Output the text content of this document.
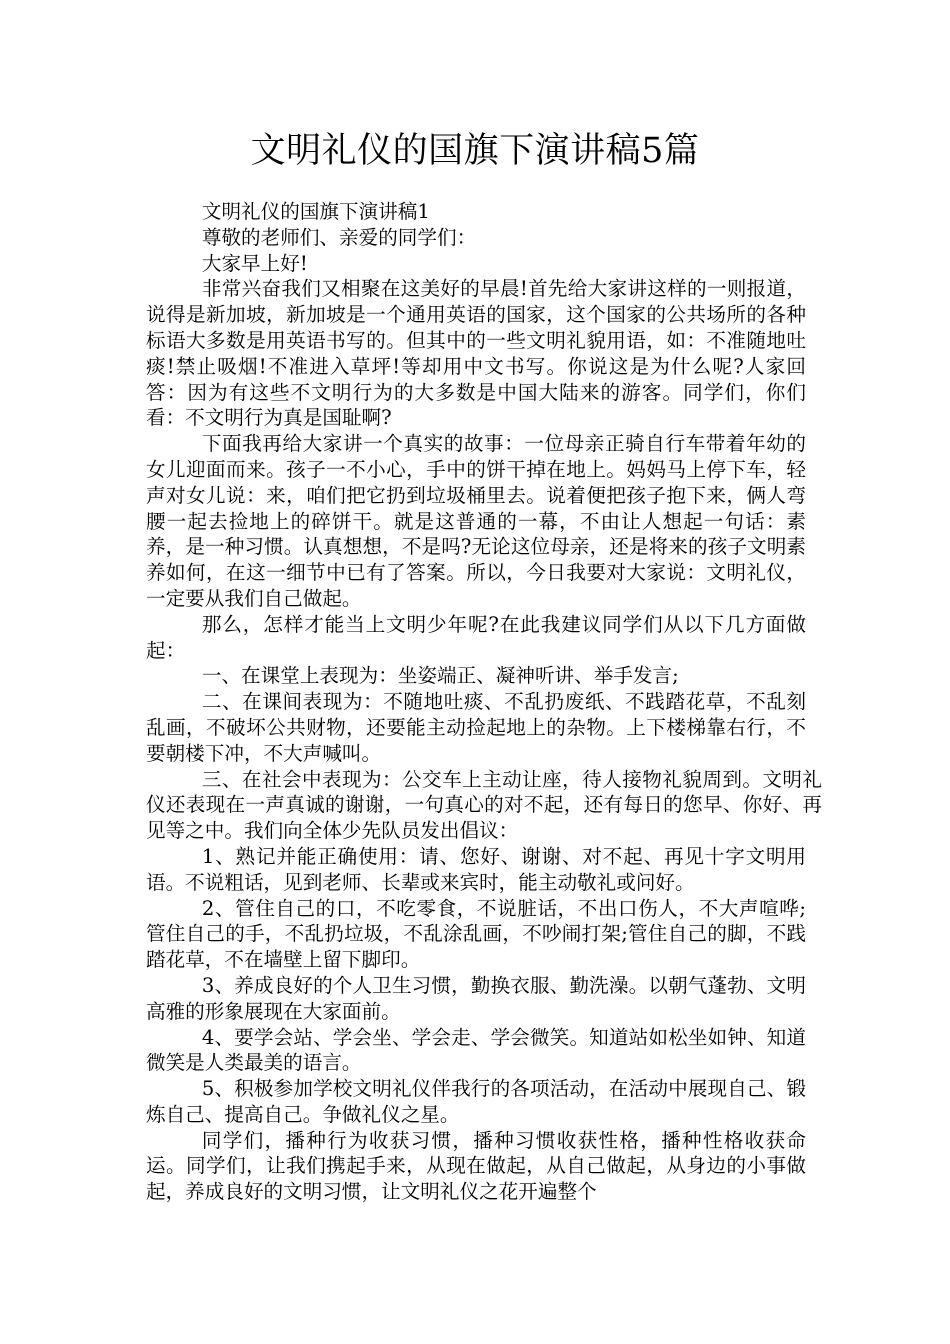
文明礼仪的国旗下演讲稿5篇

文明礼仪的国旗下演讲稿1

尊敬的老师们、亲爱的同学们：

大家早上好!

非常兴奋我们又相聚在这美好的早晨!首先给大家讲这样的一则报道，说得是新加坡，新加坡是一个通用英语的国家，这个国家的公共场所的各种标语大多数是用英语书写的。但其中的一些文明礼貌用语，如：不准随地吐痰!禁止吸烟!不准进入草坪!等却用中文书写。你说这是为什么呢?人家回答：因为有这些不文明行为的大多数是中国大陆来的游客。同学们，你们看：不文明行为真是国耻啊?

下面我再给大家讲一个真实的故事：一位母亲正骑自行车带着年幼的女儿迎面而来。孩子一不小心，手中的饼干掉在地上。妈妈马上停下车，轻声对女儿说：来，咱们把它扔到垃圾桶里去。说着便把孩子抱下来，俩人弯腰一起去捡地上的碎饼干。就是这普通的一幕，不由让人想起一句话：素养，是一种习惯。认真想想，不是吗?无论这位母亲，还是将来的孩子文明素养如何，在这一细节中已有了答案。所以，今日我要对大家说：文明礼仪，一定要从我们自己做起。

那么，怎样才能当上文明少年呢?在此我建议同学们从以下几方面做起：

一、在课堂上表现为：坐姿端正、凝神听讲、举手发言;

二、在课间表现为：不随地吐痰、不乱扔废纸、不践踏花草，不乱刻乱画，不破坏公共财物，还要能主动捡起地上的杂物。上下楼梯靠右行，不要朝楼下冲，不大声喊叫。

三、在社会中表现为：公交车上主动让座，待人接物礼貌周到。文明礼仪还表现在一声真诚的谢谢，一句真心的对不起，还有每日的您早、你好、再见等之中。我们向全体少先队员发出倡议：

1、熟记并能正确使用：请、您好、谢谢、对不起、再见十字文明用语。不说粗话，见到老师、长辈或来宾时，能主动敬礼或问好。

2、管住自己的口，不吃零食，不说脏话，不出口伤人，不大声喧哗;管住自己的手，不乱扔垃圾，不乱涂乱画，不吵闹打架;管住自己的脚，不践踏花草，不在墙壁上留下脚印。

3、养成良好的个人卫生习惯，勤换衣服、勤洗澡。以朝气蓬勃、文明高雅的形象展现在大家面前。

4、要学会站、学会坐、学会走、学会微笑。知道站如松坐如钟、知道微笑是人类最美的语言。

5、积极参加学校文明礼仪伴我行的各项活动，在活动中展现自己、锻炼自己、提高自己。争做礼仪之星。

同学们，播种行为收获习惯，播种习惯收获性格，播种性格收获命运。同学们，让我们携起手来，从现在做起，从自己做起，从身边的小事做起，养成良好的文明习惯，让文明礼仪之花开遍整个
